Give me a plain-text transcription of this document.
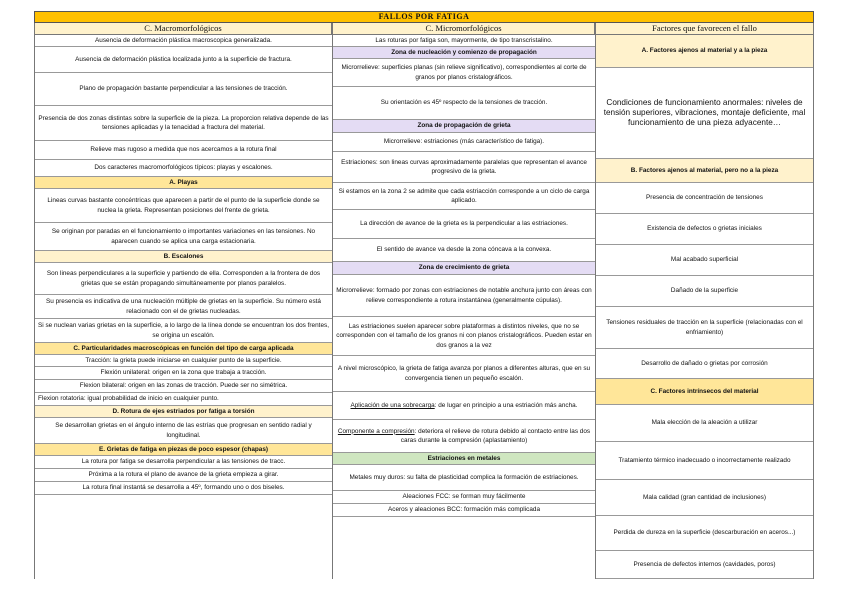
FALLOS POR FATIGA
C. Macromorfológicos	C. Micromorfológicos	Factores que favorecen el fallo
Ausencia de deformación plástica macroscopica generalizada.
Ausencia de deformación plástica localizada junto a la superficie de fractura.
Plano de propagación bastante perpendicular a las tensiones de tracción.
Presencia de dos zonas distintas sobre la superficie de la pieza. La proporcion relativa depende de las tensiones aplicadas y la tenacidad a fractura del material.
Relieve mas rugoso a medida que nos acercamos a la rotura final
Dos caracteres macromorfológicos típicos: playas y escalones.
A. Playas
Lineas curvas bastante concéntricas que aparecen a partir de el punto de la superficie donde se nuclea la grieta. Representan posiciones del frente de grieta.
Se originan por paradas en el funcionamiento o importantes variaciones en las tensiones. No aparecen cuando se aplica una carga estacionaria.
B. Escalones
Son lineas perpendiculares a la superficie y partiendo de ella. Corresponden a la frontera de dos grietas que se están propagando simultáneamente por planos paralelos.
Su presencia es indicativa de una nucleación múltiple de grietas en la superficie. Su número está relacionado con el de grietas nucleadas.
Si se nuclean varias grietas en la superficie, a lo largo de la línea donde se encuentran los dos frentes, se origina un escalón.
C. Particularidades macroscópicas en función del tipo de carga aplicada
Tracción: la grieta puede iniciarse en cualquier punto de la superficie.
Flexión unilateral: origen en la zona que trabaja a tracción.
Flexion bilateral: origen en las zonas de tracción. Puede ser no simétrica.
Flexion rotatoria: igual probabilidad de inicio en cualquier punto.
D. Rotura de ejes estriados por fatiga a torsión
Se desarrollan grietas en el ángulo interno de las estrías que progresan en sentido radial y longitudinal.
E. Grietas de fatiga en piezas de poco espesor (chapas)
La rotura por fatiga se desarrolla perpendicular a las tensiones de tracc.
Próxima a la rotura el plano de avance de la grieta empieza a girar.
La rotura final instantá se desarrolla a 45º, formando uno o dos biseles.
Las roturas por fatiga son, mayormente, de tipo transcristalino.
Zona de nucleación y comienzo de propagación
Microrrelieve: superficies planas (sin relieve significativo), correspondientes al corte de granos por planos cristalográficos.
Su orientación es 45º respecto de la tensiones de tracción.
Zona de propagación de grieta
Microrrelieve: estriaciones (más característico de fatiga).
Estriaciones: son lineas curvas aproximadamente paralelas que representan el avance progresivo de la grieta.
Si estamos en la zona 2 se admite que cada estriacción corresponde a un ciclo de carga aplicado.
La dirección de avance de la grieta es la perpendicular a las estriaciones.
El sentido de avance va desde la zona cóncava a la convexa.
Zona de crecimiento de grieta
Microrrelieve: formado por zonas con estriaciones de notable anchura junto con áreas con relieve correspondiente a rotura instantánea (generalmente cúpulas).
Las estriaciones suelen aparecer sobre plataformas a distintos niveles, que no se corresponden con el tamaño de los granos ni con planos cristalográficos. Pueden estar en dos granos a la vez
A nivel microscópico, la grieta de fatiga avanza por planos a diferentes alturas, que en su convergencia tienen un pequeño escalón.
Aplicación de una sobrecarga: de lugar en principio a una estriación más ancha.
Componente a compresión: deteriora el relieve de rotura debido al contacto entre las dos caras durante la compresión (aplastamiento)
Estriaciones en metales
Metales muy duros: su falta de plasticidad complica la formación de estriaciones.
Aleaciones FCC: se forman muy fácilmente
Aceros y aleaciones BCC: formación más complicada
A. Factores ajenos al material y a la pieza
Condiciones de funcionamiento anormales: niveles de tensión superiores, vibraciones, montaje deficiente, mal funcionamiento de una pieza adyacente…
B. Factores ajenos al material, pero no a la pieza
Presencia de concentración de tensiones
Existencia de defectos o grietas iniciales
Mal acabado superficial
Dañado de la superficie
Tensiones residuales de tracción en la superficie (relacionadas con el enfriamiento)
Desarrollo de dañado o grietas por corrosión
C. Factores intrínsecos del material
Mala elección de la aleación a utilizar
Tratamiento térmico inadecuado o incorrectamente realizado
Mala calidad (gran cantidad de inclusiones)
Perdida de dureza en la superficie (descarburación en aceros...)
Presencia de defectos internos (cavidades, poros)
